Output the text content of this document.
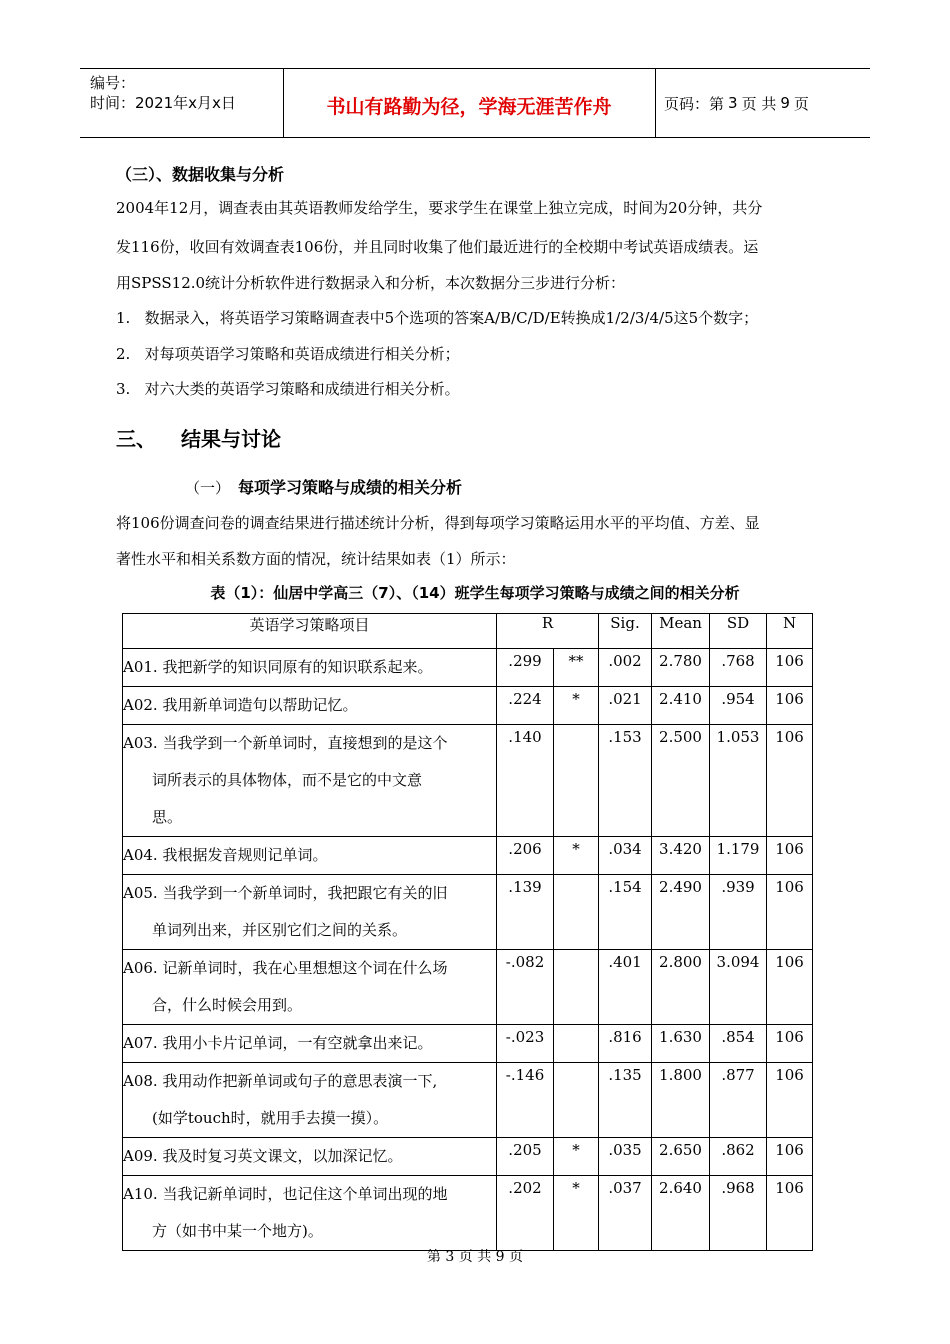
编号：
时间：2021年x月x日	书山有路勤为径，学海无涯苦作舟	页码：第 3 页 共 9 页
（三）、数据收集与分析
2004年12月，调查表由其英语教师发给学生，要求学生在课堂上独立完成，时间为20分钟，共分
发116份，收回有效调查表106份，并且同时收集了他们最近进行的全校期中考试英语成绩表。运
用SPSS12.0统计分析软件进行数据录入和分析，本次数据分三步进行分析：
1.   数据录入，将英语学习策略调查表中5个选项的答案A/B/C/D/E转换成1/2/3/4/5这5个数字；
2.   对每项英语学习策略和英语成绩进行相关分析；
3.   对六大类的英语学习策略和成绩进行相关分析。
三、 结果与讨论
（一） 每项学习策略与成绩的相关分析
将106份调查问卷的调查结果进行描述统计分析，得到每项学习策略运用水平的平均值、方差、显
著性水平和相关系数方面的情况，统计结果如表（1）所示：
表（1）：仙居中学高三（7）、（14）班学生每项学习策略与成绩之间的相关分析
英语学习策略项目	R		Sig.	Mean	SD	N

A01. 我把新学的知识同原有的知识联系起来。	.299	**	.002	2.780	.768	106

A02. 我用新单词造句以帮助记忆。	.224	*	.021	2.410	.954	106

A03. 当我学到一个新单词时，直接想到的是这个
词所表示的具体物体，而不是它的中文意
思。	.140		.153	2.500	1.053	106

A04. 我根据发音规则记单词。	.206	*	.034	3.420	1.179	106

A05. 当我学到一个新单词时，我把跟它有关的旧
单词列出来，并区别它们之间的关系。	.139		.154	2.490	.939	106

A06. 记新单词时，我在心里想想这个词在什么场
合，什么时候会用到。	-.082		.401	2.800	3.094	106

A07. 我用小卡片记单词，一有空就拿出来记。	-.023		.816	1.630	.854	106

A08. 我用动作把新单词或句子的意思表演一下,
(如学touch时，就用手去摸一摸）。	-.146		.135	1.800	.877	106

A09. 我及时复习英文课文，以加深记忆。	.205	*	.035	2.650	.862	106

A10. 当我记新单词时，也记住这个单词出现的地
方（如书中某一个地方)。	.202	*	.037	2.640	.968	106
第 3 页 共 9 页
